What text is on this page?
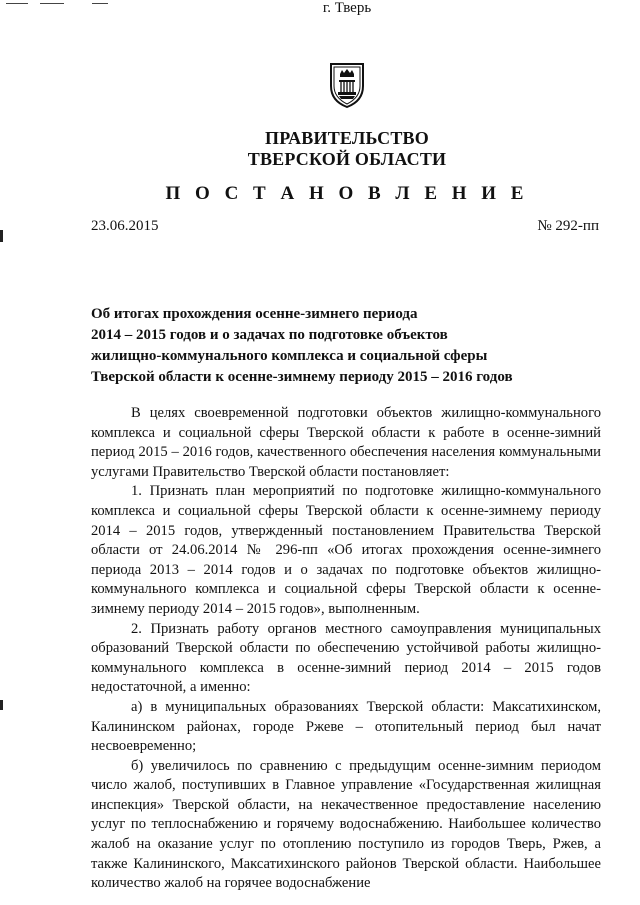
ПРАВИТЕЛЬСТВО
ТВЕРСКОЙ ОБЛАСТИ
П О С Т А Н О В Л Е Н И Е
23.06.2015	№ 292-пп
г. Тверь
Об итогах прохождения осенне-зимнего периода
2014 – 2015 годов и о задачах по подготовке объектов
жилищно-коммунального комплекса и социальной сферы
Тверской области к осенне-зимнему периоду 2015 – 2016 годов

В целях своевременной подготовки объектов жилищно-коммунального комплекса и социальной сферы Тверской области к работе в осенне-зимний период 2015 – 2016 годов, качественного обеспечения населения коммунальными услугами Правительство Тверской области постановляет:

1. Признать план мероприятий по подготовке жилищно-коммунального комплекса и социальной сферы Тверской области к осенне-зимнему периоду 2014 – 2015 годов, утвержденный постановлением Правительства Тверской области от 24.06.2014 № 296-пп «Об итогах прохождения осенне-зимнего периода 2013 – 2014 годов и о задачах по подготовке объектов жилищно-коммунального комплекса и социальной сферы Тверской области к осенне-зимнему периоду 2014 – 2015 годов», выполненным.

2. Признать работу органов местного самоуправления муниципальных образований Тверской области по обеспечению устойчивой работы жилищно-коммунального комплекса в осенне-зимний период 2014 – 2015 годов недостаточной, а именно:

а) в муниципальных образованиях Тверской области: Максатихинском, Калининском районах, городе Ржеве – отопительный период был начат несвоевременно;

б) увеличилось по сравнению с предыдущим осенне-зимним периодом число жалоб, поступивших в Главное управление «Государственная жилищная инспекция» Тверской области, на некачественное предоставление населению услуг по теплоснабжению и горячему водоснабжению. Наибольшее количество жалоб на оказание услуг по отоплению поступило из городов Тверь, Ржев, а также Калининского, Максатихинского районов Тверской области. Наибольшее количество жалоб на горячее водоснабжение
